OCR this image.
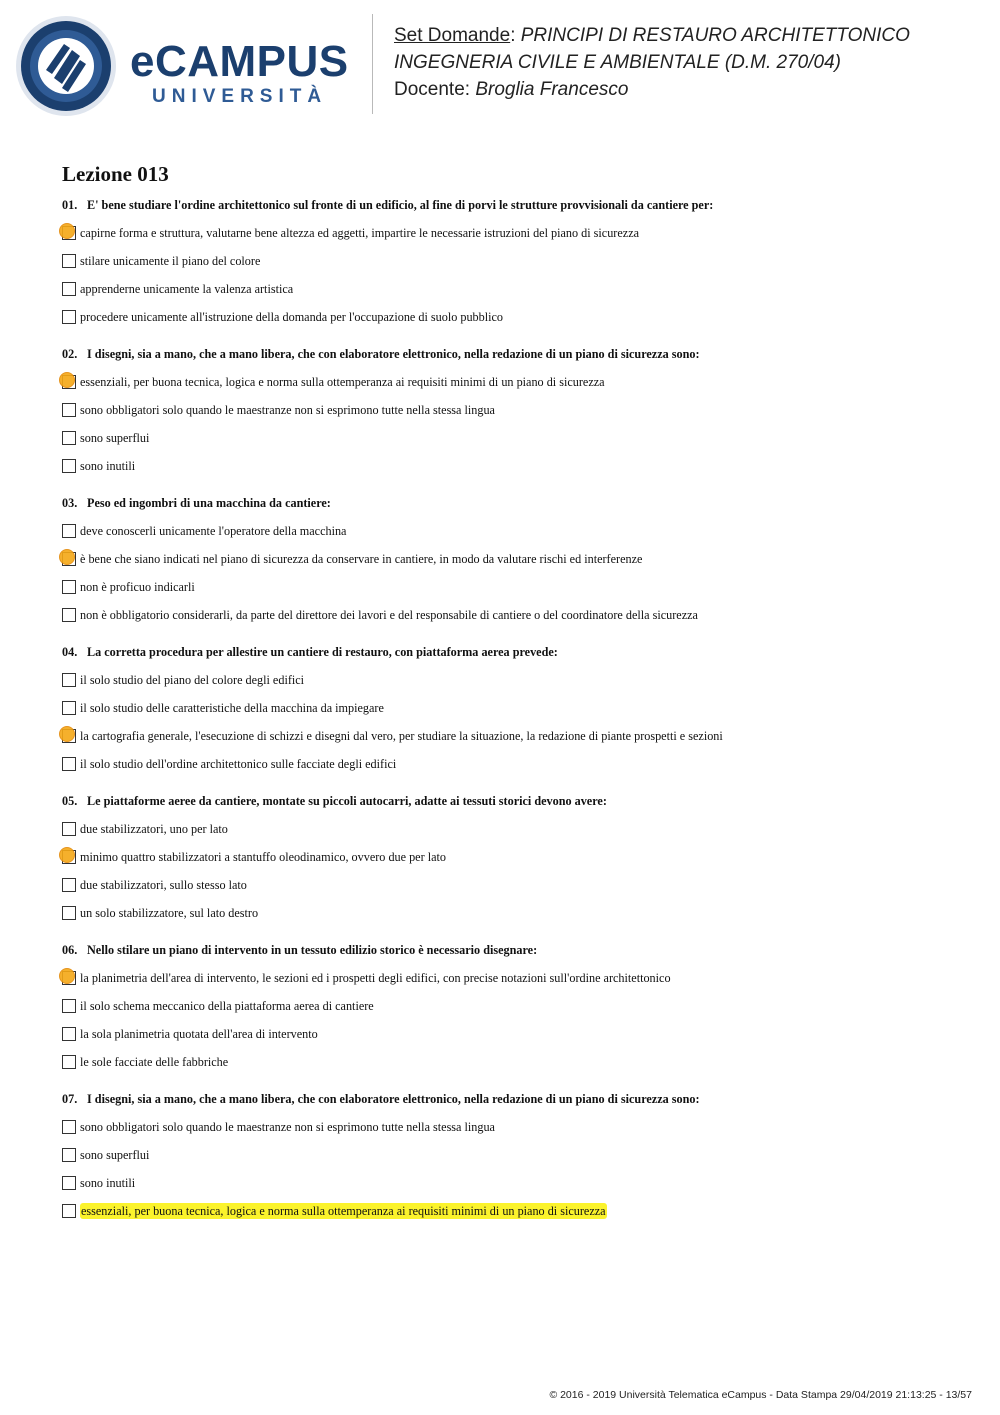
eCAMPUS
UNIVERSITÀ
Set Domande: PRINCIPI DI RESTAURO ARCHITETTONICO
INGEGNERIA CIVILE E AMBIENTALE (D.M. 270/04)
Docente: Broglia Francesco
Lezione 013
01. E' bene studiare l'ordine architettonico sul fronte di un edificio, al fine di porvi le strutture provvisionali da cantiere per:
capirne forma e struttura, valutarne bene altezza ed aggetti, impartire le necessarie istruzioni del piano di sicurezza
stilare unicamente il piano del colore
apprenderne unicamente la valenza artistica
procedere unicamente all'istruzione della domanda per l'occupazione di suolo pubblico
02. I disegni, sia a mano, che a mano libera, che con elaboratore elettronico, nella redazione di un piano di sicurezza sono:
essenziali, per buona tecnica, logica e norma sulla ottemperanza ai requisiti minimi di un piano di sicurezza
sono obbligatori solo quando le maestranze non si esprimono tutte nella stessa lingua
sono superflui
sono inutili
03. Peso ed ingombri di una macchina da cantiere:
deve conoscerli unicamente l'operatore della macchina
è bene che siano indicati nel piano di sicurezza da conservare in cantiere, in modo da valutare rischi ed interferenze
non è proficuo indicarli
non è obbligatorio considerarli, da parte del direttore dei lavori e del responsabile di cantiere o del coordinatore della sicurezza
04. La corretta procedura per allestire un cantiere di restauro, con piattaforma aerea prevede:
il solo studio del piano del colore degli edifici
il solo studio delle caratteristiche della macchina da impiegare
la cartografia generale, l'esecuzione di schizzi e disegni dal vero, per studiare la situazione, la redazione di piante prospetti e sezioni
il solo studio dell'ordine architettonico sulle facciate degli edifici
05. Le piattaforme aeree da cantiere, montate su piccoli autocarri, adatte ai tessuti storici devono avere:
due stabilizzatori, uno per lato
minimo quattro stabilizzatori a stantuffo oleodinamico, ovvero due per lato
due stabilizzatori, sullo stesso lato
un solo stabilizzatore, sul lato destro
06. Nello stilare un piano di intervento in un tessuto edilizio storico è necessario disegnare:
la planimetria dell'area di intervento, le sezioni ed i prospetti degli edifici, con precise notazioni sull'ordine architettonico
il solo schema meccanico della piattaforma aerea di cantiere
la sola planimetria quotata dell'area di intervento
le sole facciate delle fabbriche
07. I disegni, sia a mano, che a mano libera, che con elaboratore elettronico, nella redazione di un piano di sicurezza sono:
sono obbligatori solo quando le maestranze non si esprimono tutte nella stessa lingua
sono superflui
sono inutili
essenziali, per buona tecnica, logica e norma sulla ottemperanza ai requisiti minimi di un piano di sicurezza
© 2016 - 2019 Università Telematica eCampus - Data Stampa 29/04/2019 21:13:25 - 13/57
